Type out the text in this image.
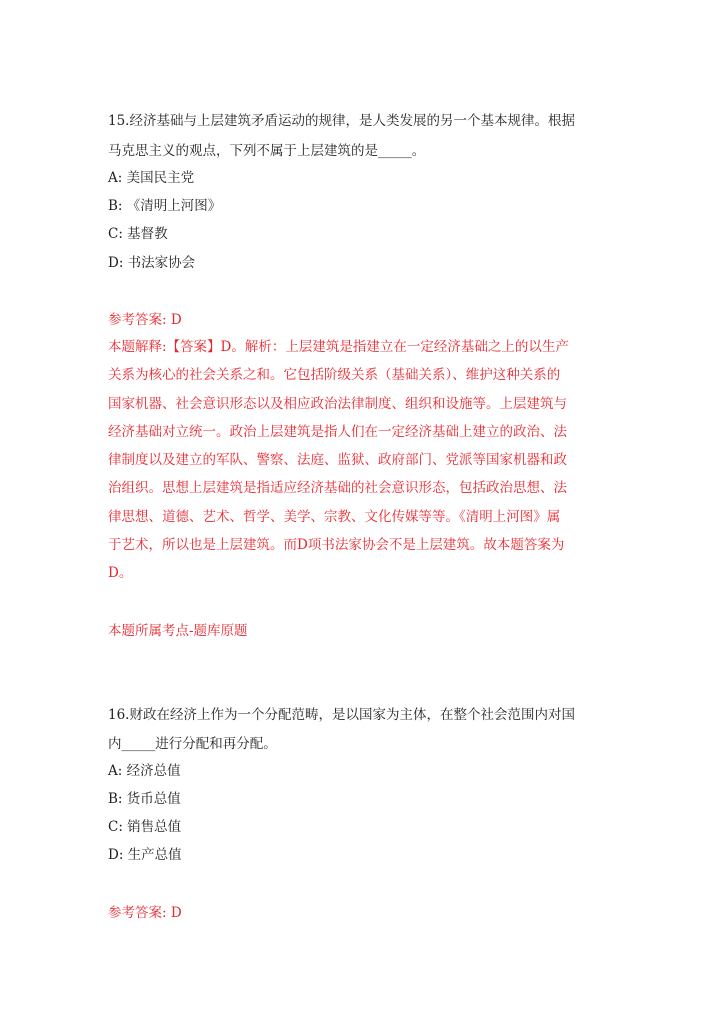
15.经济基础与上层建筑矛盾运动的规律，是人类发展的另一个基本规律。根据
马克思主义的观点，下列不属于上层建筑的是_____。
A: 美国民主党
B: 《清明上河图》
C: 基督教
D: 书法家协会
参考答案: D
本题解释:【答案】D。解析：上层建筑是指建立在一定经济基础之上的以生产
关系为核心的社会关系之和。它包括阶级关系（基础关系）、维护这种关系的
国家机器、社会意识形态以及相应政治法律制度、组织和设施等。上层建筑与
经济基础对立统一。政治上层建筑是指人们在一定经济基础上建立的政治、法
律制度以及建立的军队、警察、法庭、监狱、政府部门、党派等国家机器和政
治组织。思想上层建筑是指适应经济基础的社会意识形态，包括政治思想、法
律思想、道德、艺术、哲学、美学、宗教、文化传媒等等。《清明上河图》属
于艺术，所以也是上层建筑。而D项书法家协会不是上层建筑。故本题答案为
D。
本题所属考点-题库原题
16.财政在经济上作为一个分配范畴，是以国家为主体，在整个社会范围内对国
内_____进行分配和再分配。
A: 经济总值
B: 货币总值
C: 销售总值
D: 生产总值
参考答案: D
